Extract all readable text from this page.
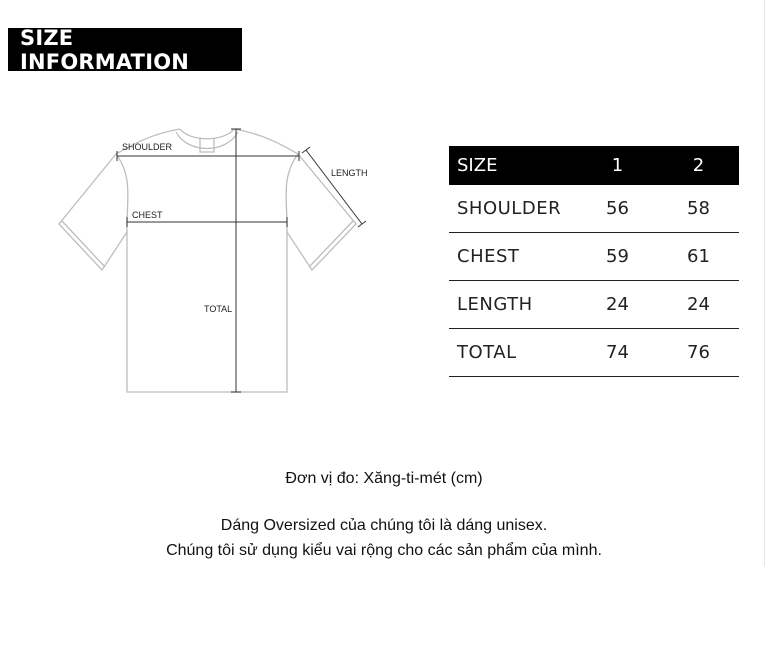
SIZE INFORMATION
SHOULDER
LENGTH
CHEST
TOTAL
SIZE	1	2
SHOULDER	56	58
CHEST	59	61
LENGTH	24	24
TOTAL	74	76
Đơn vị đo: Xăng-ti-mét (cm)
Dáng Oversized của chúng tôi là dáng unisex.
Chúng tôi sử dụng kiểu vai rộng cho các sản phẩm của mình.
